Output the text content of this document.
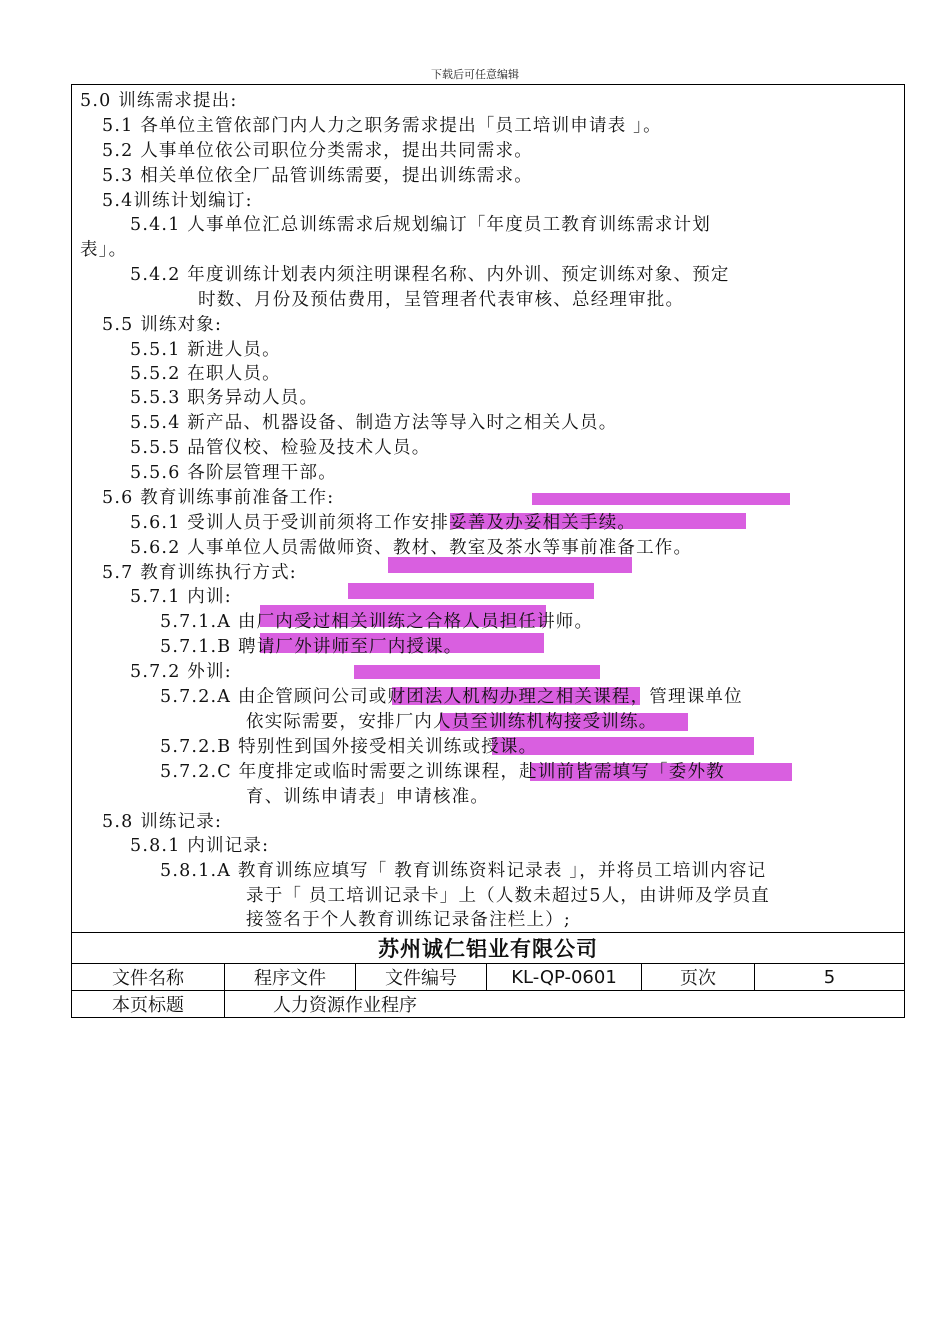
下载后可任意编辑
5.0 训练需求提出:
5.1 各单位主管依部门内人力之职务需求提出「员工培训申请表 」。
5.2 人事单位依公司职位分类需求，提出共同需求。
5.3 相关单位依全厂品管训练需要，提出训练需求。
5.4训练计划编订:
5.4.1 人事单位汇总训练需求后规划编订「年度员工教育训练需求计划
表」。
5.4.2 年度训练计划表内须注明课程名称、内外训、预定训练对象、预定
时数、月份及预估费用，呈管理者代表审核、总经理审批。
5.5 训练对象:
5.5.1 新进人员。
5.5.2 在职人员。
5.5.3 职务异动人员。
5.5.4 新产品、机器设备、制造方法等导入时之相关人员。
5.5.5 品管仪校、检验及技术人员。
5.5.6 各阶层管理干部。
5.6 教育训练事前准备工作:
5.6.1 受训人员于受训前须将工作安排妥善及办妥相关手续。
5.6.2 人事单位人员需做师资、教材、教室及茶水等事前准备工作。
5.7 教育训练执行方式:
5.7.1 内训:
5.7.1.A 由厂内受过相关训练之合格人员担任讲师。
5.7.1.B 聘请厂外讲师至厂内授课。
5.7.2 外训:
5.7.2.A 由企管顾问公司或财团法人机构办理之相关课程，管理课单位
依实际需要，安排厂内人员至训练机构接受训练。
5.7.2.B 特别性到国外接受相关训练或授课。
5.7.2.C 年度排定或临时需要之训练课程，赴训前皆需填写「委外教
育、训练申请表」申请核准。
5.8 训练记录:
5.8.1 内训记录:
5.8.1.A 教育训练应填写「 教育训练资料记录表 」，并将员工培训内容记
录于「 员工培训记录卡」上（人数未超过5人，由讲师及学员直
接签名于个人教育训练记录备注栏上）;
苏州诚仁铝业有限公司					
文件名称	程序文件	文件编号	KL-QP-0601	页次	5
本页标题	人力资源作业程序				
